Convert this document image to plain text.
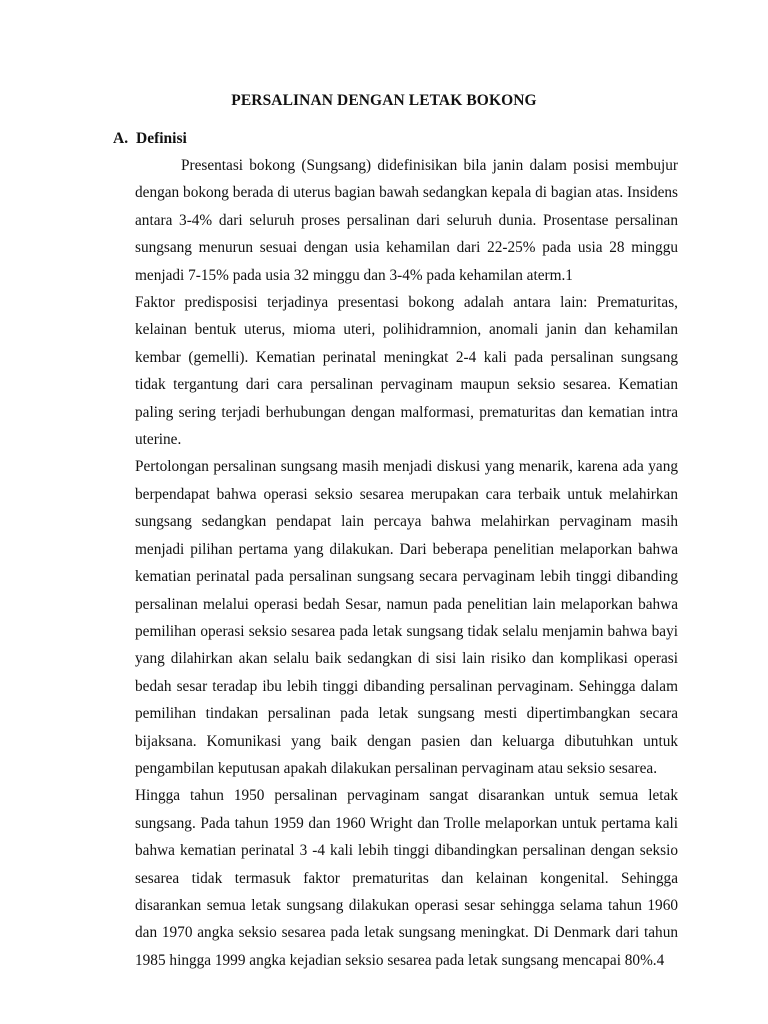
PERSALINAN DENGAN LETAK BOKONG
A. Definisi

Presentasi bokong (Sungsang) didefinisikan bila janin dalam posisi membujur dengan bokong berada di uterus bagian bawah sedangkan kepala di bagian atas. Insidens antara 3-4% dari seluruh proses persalinan dari seluruh dunia. Prosentase persalinan sungsang menurun sesuai dengan usia kehamilan dari 22-25% pada usia 28 minggu menjadi 7-15% pada usia 32 minggu dan 3-4% pada kehamilan aterm.1

Faktor predisposisi terjadinya presentasi bokong adalah antara lain: Prematuritas, kelainan bentuk uterus, mioma uteri, polihidramnion, anomali janin dan kehamilan kembar (gemelli). Kematian perinatal meningkat 2-4 kali pada persalinan sungsang tidak tergantung dari cara persalinan pervaginam maupun seksio sesarea. Kematian paling sering terjadi berhubungan dengan malformasi, prematuritas dan kematian intra uterine.

Pertolongan persalinan sungsang masih menjadi diskusi yang menarik, karena ada yang berpendapat bahwa operasi seksio sesarea merupakan cara terbaik untuk melahirkan sungsang sedangkan pendapat lain percaya bahwa melahirkan pervaginam masih menjadi pilihan pertama yang dilakukan. Dari beberapa penelitian melaporkan bahwa kematian perinatal pada persalinan sungsang secara pervaginam lebih tinggi dibanding persalinan melalui operasi bedah Sesar, namun pada penelitian lain melaporkan bahwa pemilihan operasi seksio sesarea pada letak sungsang tidak selalu menjamin bahwa bayi yang dilahirkan akan selalu baik sedangkan di sisi lain risiko dan komplikasi operasi bedah sesar teradap ibu lebih tinggi dibanding persalinan pervaginam. Sehingga dalam pemilihan tindakan persalinan pada letak sungsang mesti dipertimbangkan secara bijaksana. Komunikasi yang baik dengan pasien dan keluarga dibutuhkan untuk pengambilan keputusan apakah dilakukan persalinan pervaginam atau seksio sesarea.

Hingga tahun 1950 persalinan pervaginam sangat disarankan untuk semua letak sungsang. Pada tahun 1959 dan 1960 Wright dan Trolle melaporkan untuk pertama kali bahwa kematian perinatal 3 -4 kali lebih tinggi dibandingkan persalinan dengan seksio sesarea tidak termasuk faktor prematuritas dan kelainan kongenital. Sehingga disarankan semua letak sungsang dilakukan operasi sesar sehingga selama tahun 1960 dan 1970 angka seksio sesarea pada letak sungsang meningkat. Di Denmark dari tahun 1985 hingga 1999 angka kejadian seksio sesarea pada letak sungsang mencapai 80%.4
